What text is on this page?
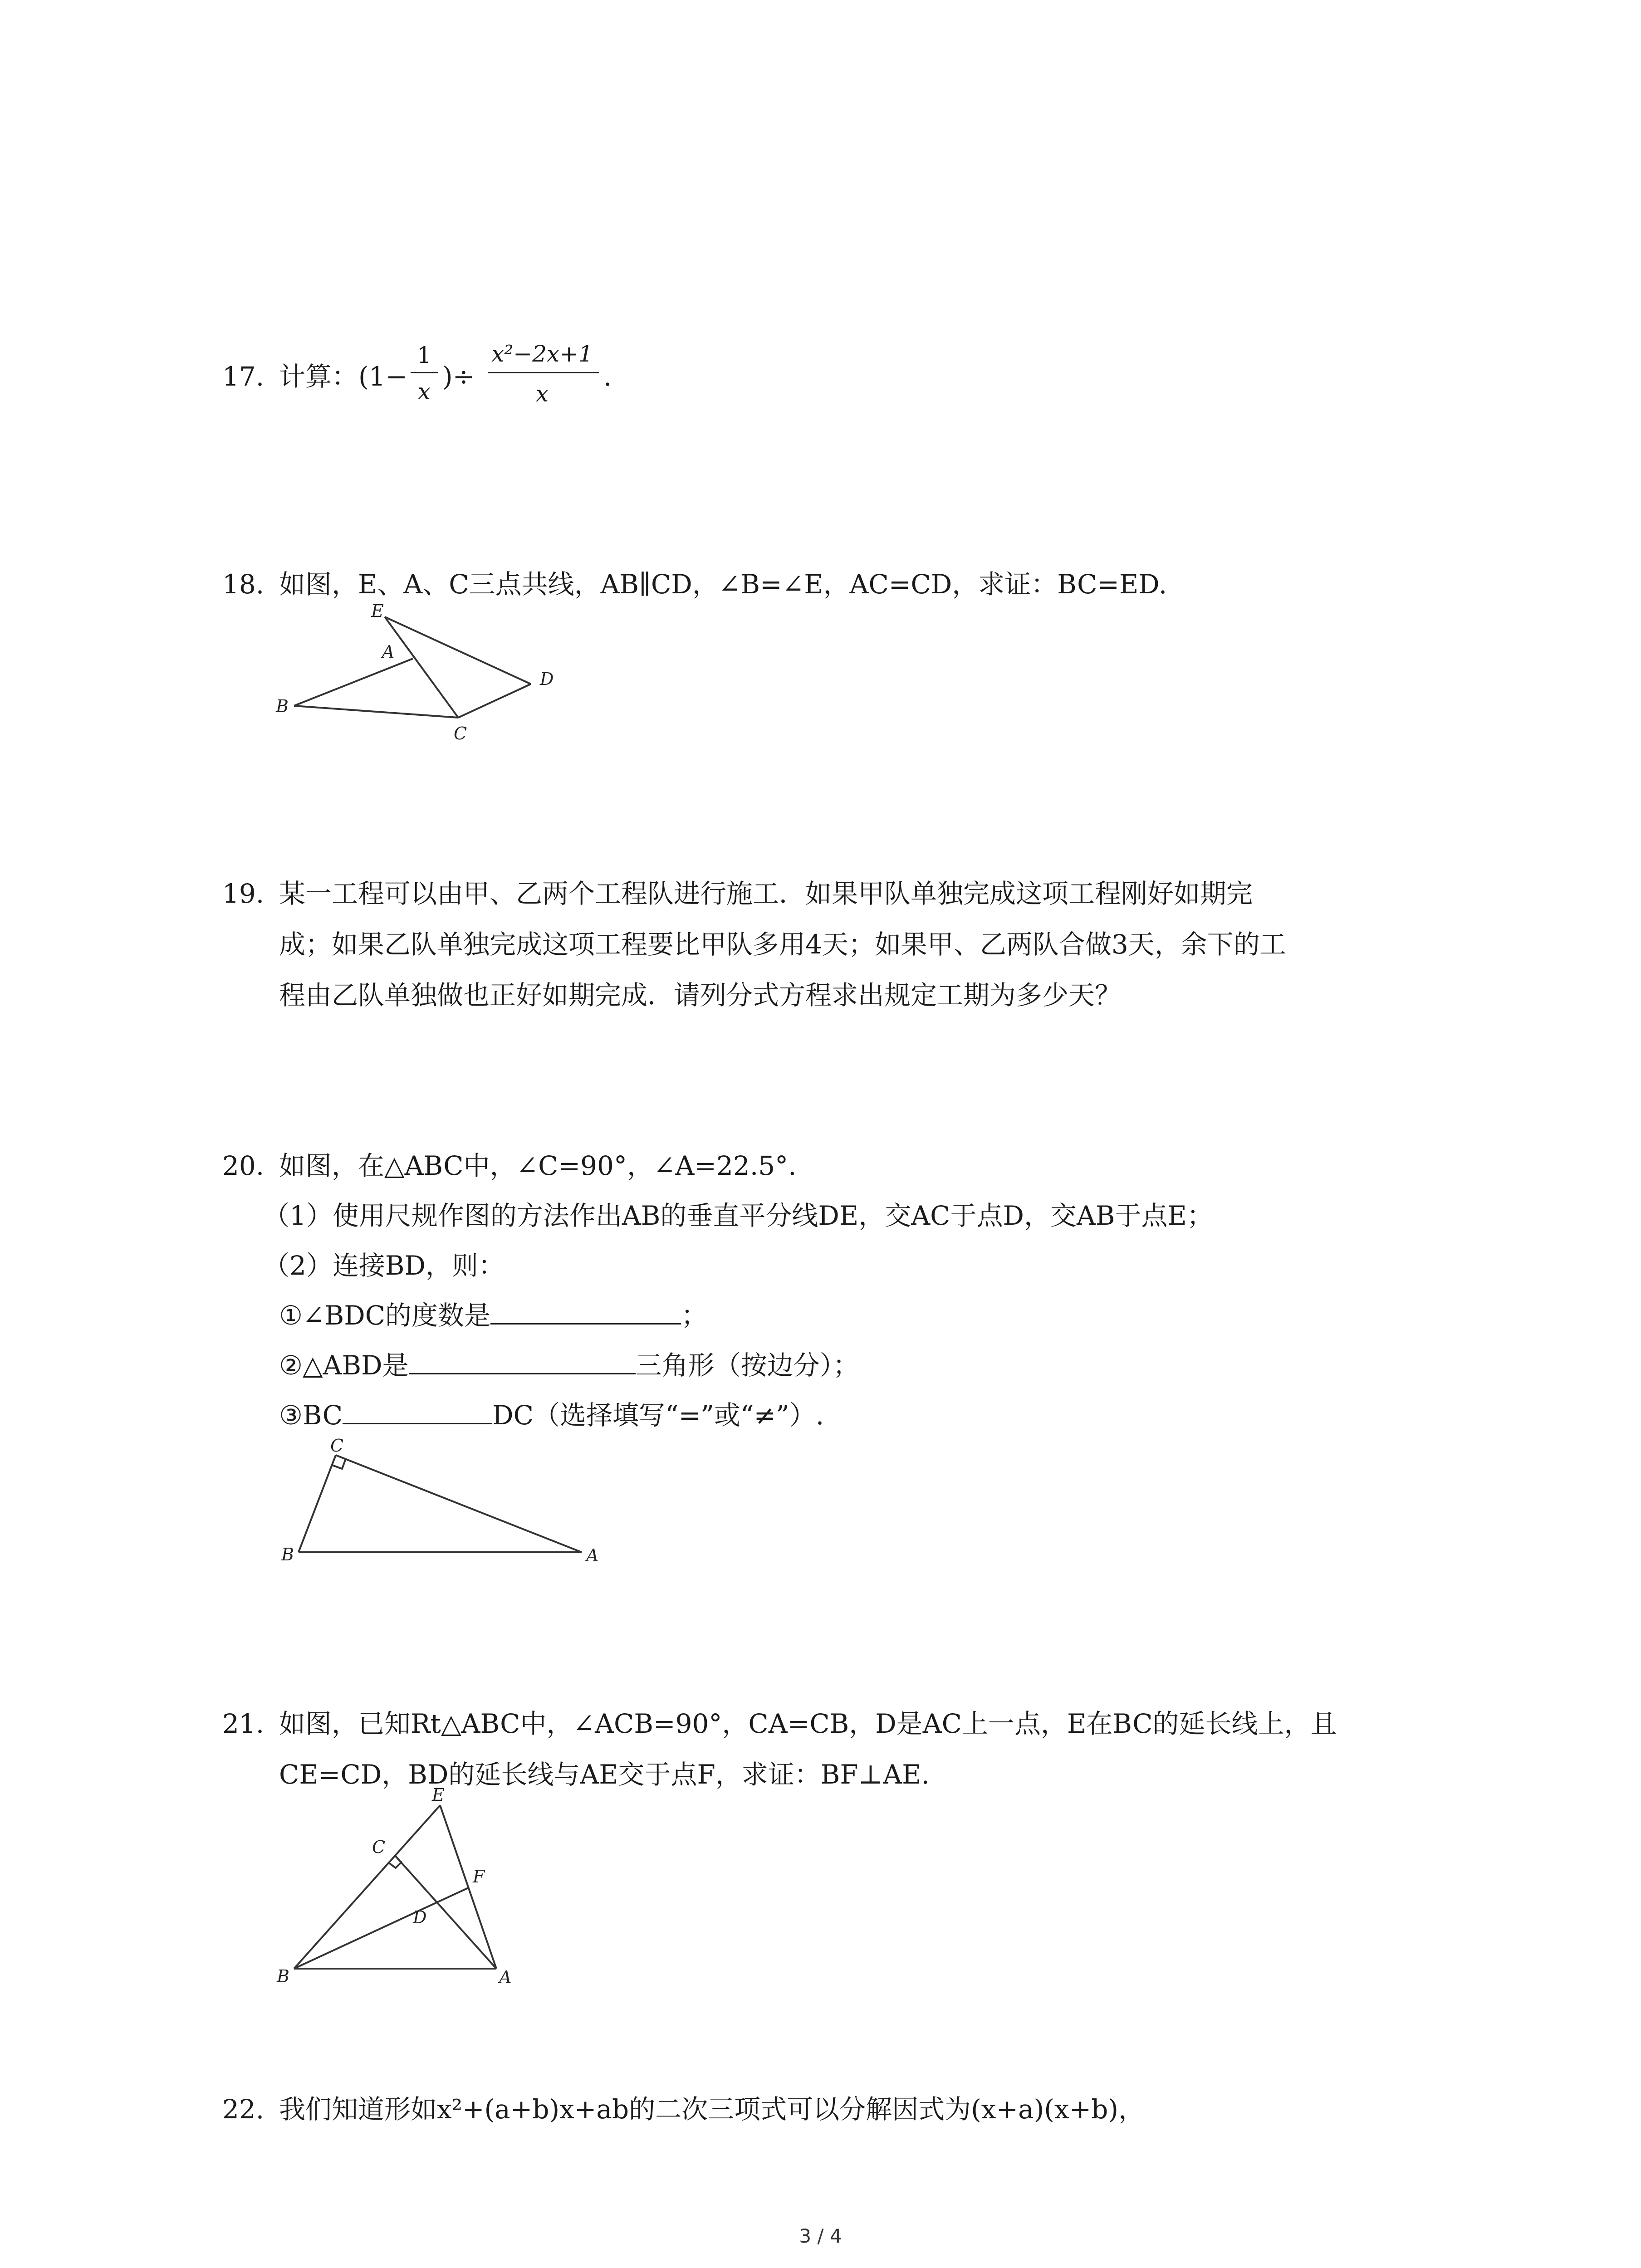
17. 计算： (1−
1
x )÷
x²−2x+1
x
.
18. 如图，E、A、C三点共线，AB∥CD，∠B=∠E，AC=CD，求证：BC=ED.
E
A
B
C
D
19. 某一工程可以由甲、乙两个工程队进行施工．如果甲队单独完成这项工程刚好如期完
成；如果乙队单独完成这项工程要比甲队多用4天；如果甲、乙两队合做3天，余下的工
程由乙队单独做也正好如期完成．请列分式方程求出规定工期为多少天？
20. 如图，在△ABC中，∠C=90°，∠A=22.5°.
（1）使用尺规作图的方法作出AB的垂直平分线DE，交AC于点D，交AB于点E；
（2）连接BD，则：
①∠BDC的度数是	；
②△ABD是	三角形（按边分）；
③BC	DC（选择填写“=”或“≠”）.
C
B	A
21. 如图，已知Rt△ABC中，∠ACB=90°，CA=CB，D是AC上一点，E在BC的延长线上，且
CE=CD，BD的延长线与AE交于点F，求证：BF⊥AE.
E
C
F
D
B	A
22. 我们知道形如x²+(a+b)x+ab的二次三项式可以分解因式为(x+a)(x+b)，
3 / 4
